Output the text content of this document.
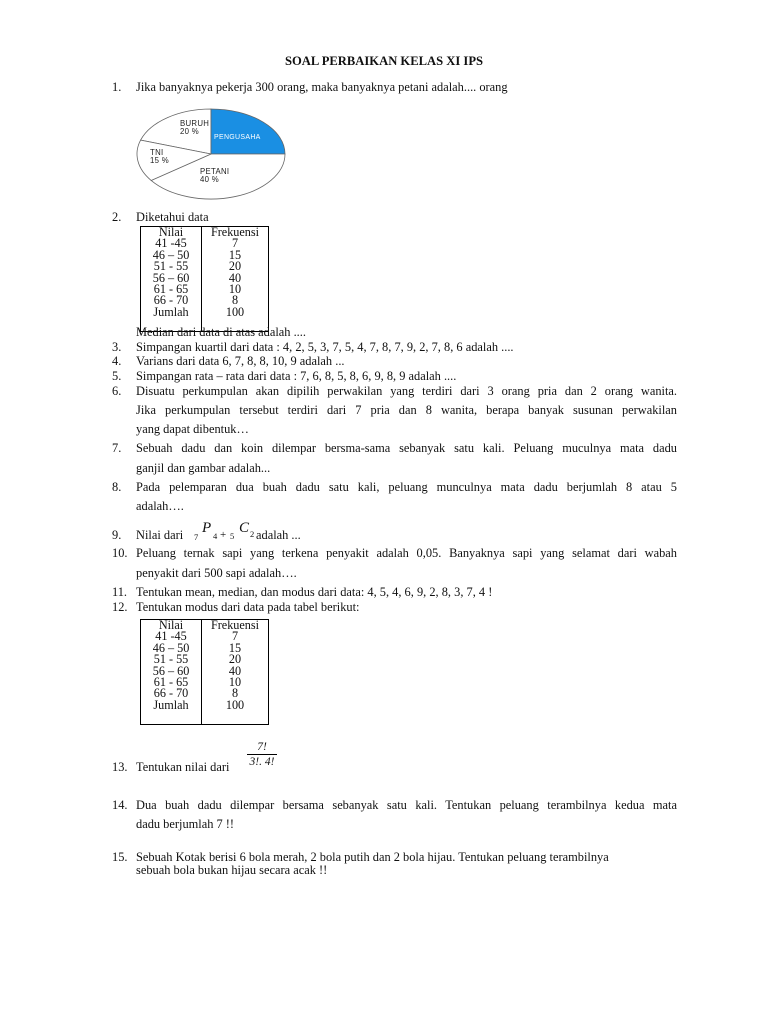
SOAL PERBAIKAN KELAS XI IPS
1. Jika banyaknya pekerja 300 orang, maka banyaknya petani adalah.... orang
BURUH
20 %
PENGUSAHA
PETANI
40 %
TNI
15 %
2. Diketahui data
Nilai	Frekuensi
41 -45	7
46 – 50	15
51 - 55	20
56 – 60	40
61 - 65	10
66 - 70	8
Jumlah	100
Median dari data di atas adalah ....
3. Simpangan kuartil dari data : 4, 2, 5, 3, 7, 5, 4, 7, 8, 7, 9, 2, 7, 8, 6 adalah ....
4. Varians dari data 6, 7, 8, 8, 10, 9 adalah ...
5. Simpangan rata – rata dari data : 7, 6, 8, 5, 8, 6, 9, 8, 9 adalah ....
6. Disuatu perkumpulan akan dipilih perwakilan yang terdiri dari 3 orang pria dan 2 orang wanita.
Jika perkumpulan tersebut terdiri dari 7 pria dan 8 wanita, berapa banyak susunan perwakilan
yang dapat dibentuk…
7. Sebuah dadu dan koin dilempar bersma-sama sebanyak satu kali. Peluang muculnya mata dadu
ganjil dan gambar adalah...
8. Pada pelemparan dua buah dadu satu kali, peluang munculnya mata dadu berjumlah 8 atau 5
adalah….
9. Nilai dari 7
P 4 + 5 C 2 adalah ...
10. Peluang ternak sapi yang terkena penyakit adalah 0,05. Banyaknya sapi yang selamat dari wabah
penyakit dari 500 sapi adalah….
11. Tentukan mean, median, dan modus dari data: 4, 5, 4, 6, 9, 2, 8, 3, 7, 4 !
12. Tentukan modus dari data pada tabel berikut:
Nilai	Frekuensi
41 -45	7
46 – 50	15
51 - 55	20
56 – 60	40
61 - 65	10
66 - 70	8
Jumlah	100
13. Tentukan nilai dari $\frac{7!}{3!. 4!}$
14. Dua buah dadu dilempar bersama sebanyak satu kali. Tentukan peluang terambilnya kedua mata
dadu berjumlah 7 !!
15. Sebuah Kotak berisi 6 bola merah, 2 bola putih dan 2 bola hijau. Tentukan peluang terambilnya
sebuah bola bukan hijau secara acak !!
